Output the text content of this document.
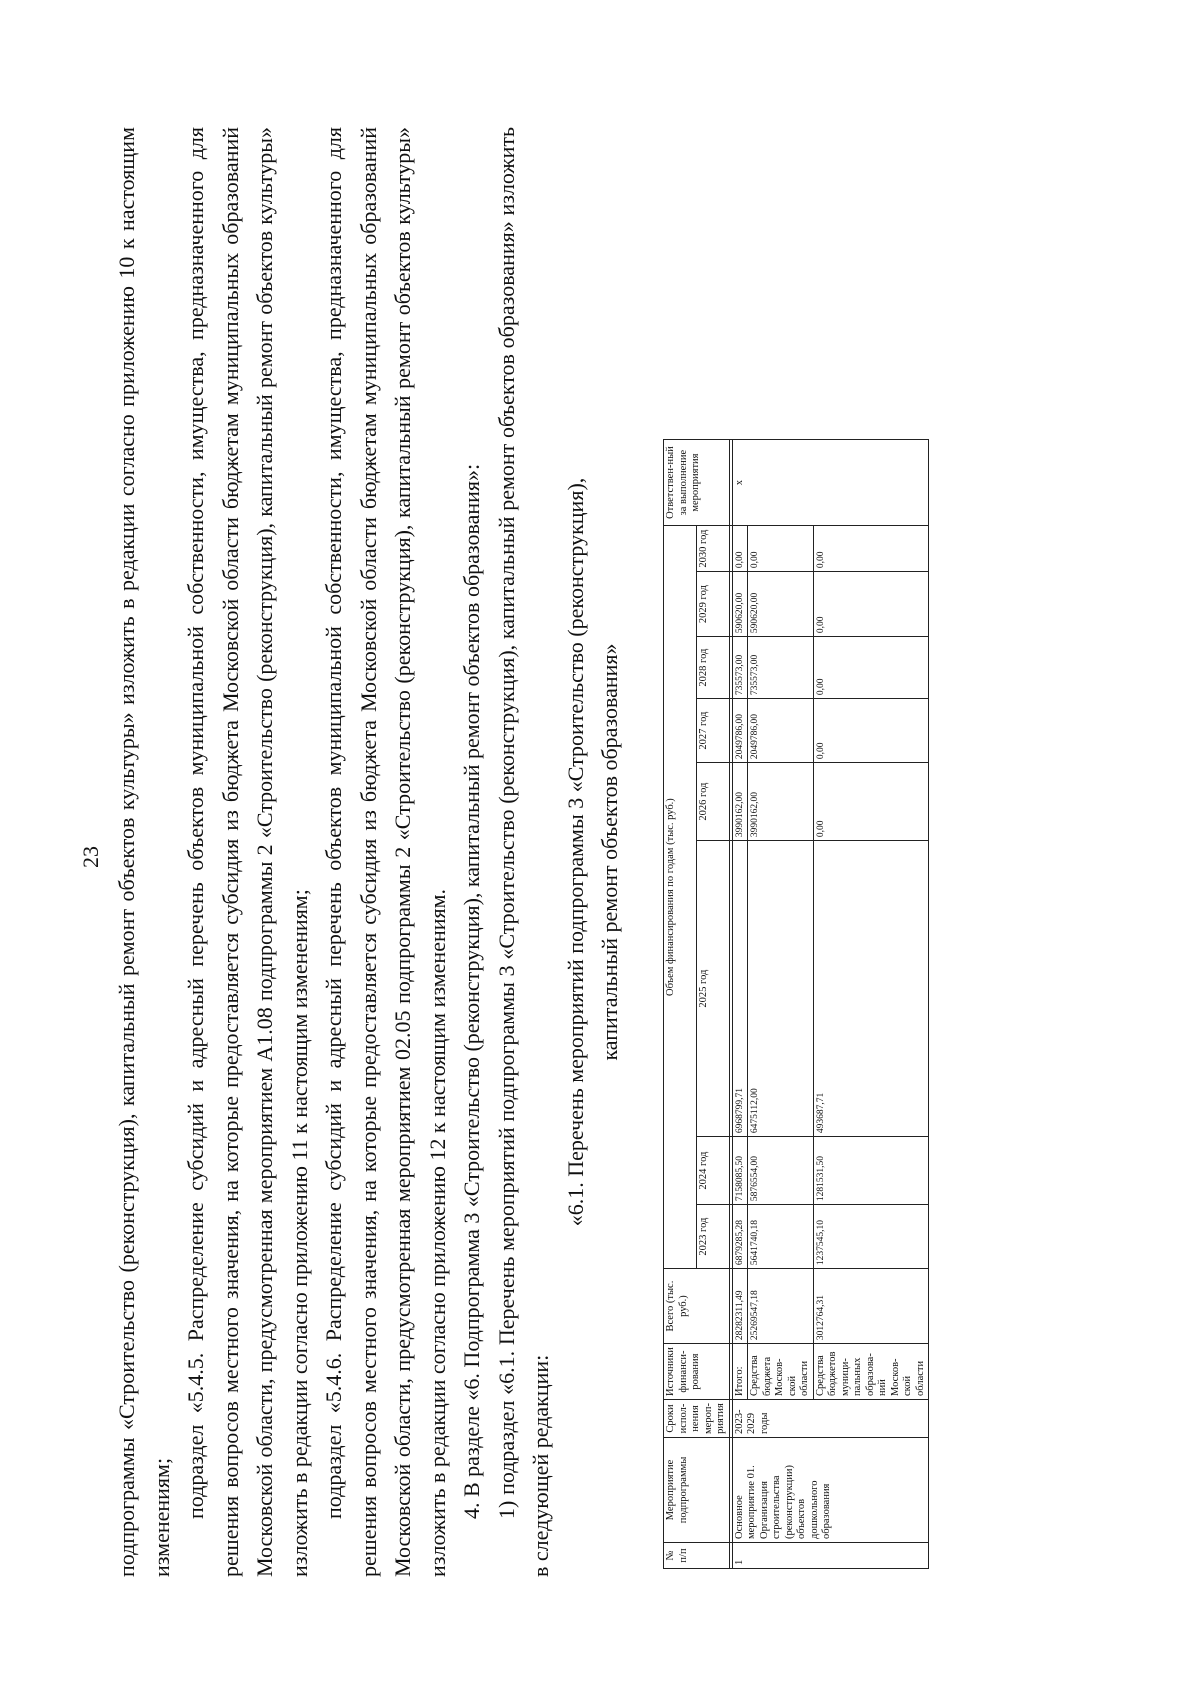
23 подпрограммы «Строительство (реконструкция), капитальный ремонт объектов культуры» изложить в редакции согласно приложению 10 к настоящим изменениям; подраздел «5.4.5. Распределение субсидий и адресный перечень объектов муниципальной собственности, имущества, предназначенного для решения вопросов местного значения, на которые предоставляется субсидия из бюджета Московской области бюджетам муниципальных образований Московской области, предусмотренная мероприятием А1.08 подпрограммы 2 «Строительство (реконструкция), капитальный ремонт объектов культуры» изложить в редакции согласно приложению 11 к настоящим изменениям; подраздел «5.4.6. Распределение субсидий и адресный перечень объектов муниципальной собственности, имущества, предназначенного для решения вопросов местного значения, на которые предоставляется субсидия из бюджета Московской области бюджетам муниципальных образований Московской области, предусмотренная мероприятием 02.05 подпрограммы 2 «Строительство (реконструкция), капитальный ремонт объектов культуры» изложить в редакции согласно приложению 12 к настоящим изменениям. 4. В разделе «6. Подпрограмма 3 «Строительство (реконструкция), капитальный ремонт объектов образования»: 1) подраздел «6.1. Перечень мероприятий подпрограммы 3 «Строительство (реконструкция), капитальный ремонт объектов образования» изложить в следующей редакции:

«6.1. Перечень мероприятий подпрограммы 3 «Строительство (реконструкция), капитальный ремонт объектов образования»

№ п/п	Мероприятие подпрограммы	Сроки испол-нения мероп-риятия	Источники финанси-рования	Всего (тыс. руб.)	Объем финансирования по годам (тыс. руб.)								Ответствен-ный за выполнение мероприятия
					2023 год	2024 год	2025 год	2026 год	2027 год	2028 год	2029 год	2030 год	

1	Основное мероприятие 01. Организация строительства (реконструкции) объектов дошкольного образования	2023-2029 годы	Итого:	28282311,49	6879285,28	7158085,50	6968799,71	3990162,00	2049786,00	735573,00	590620,00	0,00	х
			Средства бюджета Москов-ской области	25269547,18	5641740,18	5876554,00	6475112,00	3990162,00	2049786,00	735573,00	590620,00	0,00	
			Средства бюджетов муници-пальных образова-ний Москов-ской области	3012764,31	1237545,10	1281531,50	493687,71	0,00	0,00	0,00	0,00	0,00	
